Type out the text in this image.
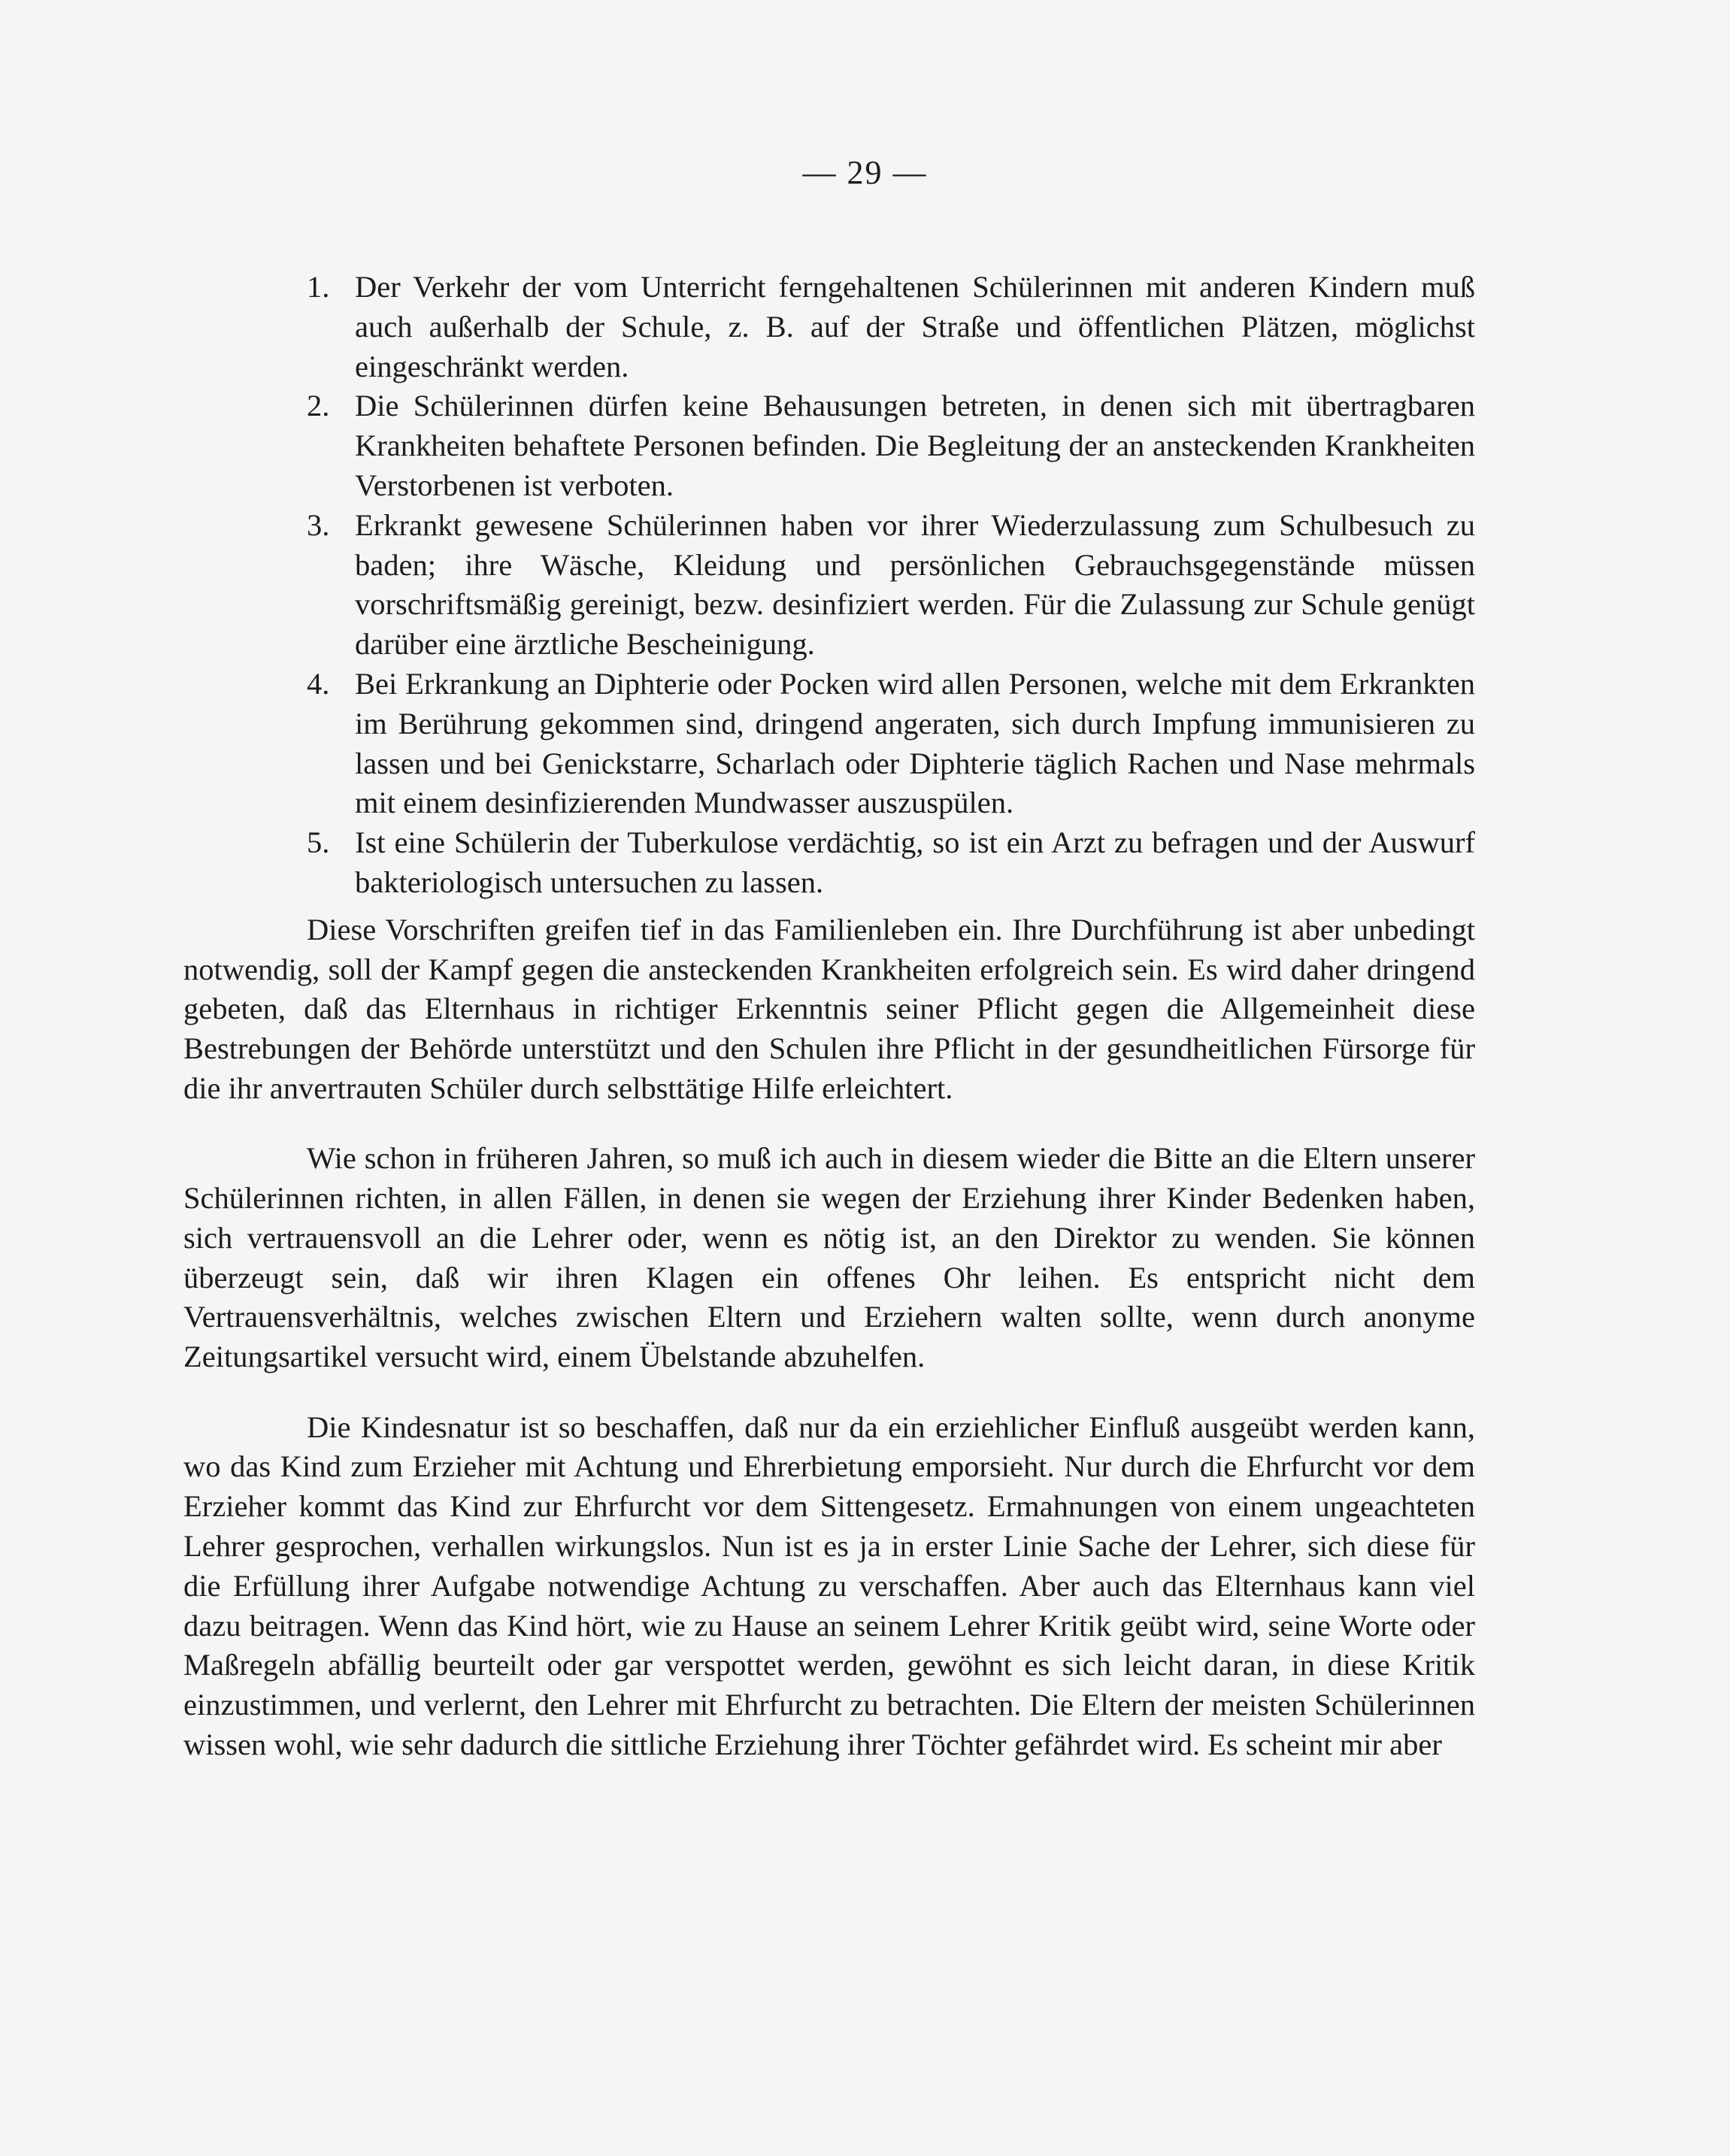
— 29 —
1. Der Verkehr der vom Unterricht ferngehaltenen Schülerinnen mit anderen Kindern muß auch außerhalb der Schule, z. B. auf der Straße und öffentlichen Plätzen, möglichst eingeschränkt werden.
2. Die Schülerinnen dürfen keine Behausungen betreten, in denen sich mit übertragbaren Krankheiten behaftete Personen befinden. Die Begleitung der an ansteckenden Krankheiten Verstorbenen ist verboten.
3. Erkrankt gewesene Schülerinnen haben vor ihrer Wiederzulassung zum Schulbesuch zu baden; ihre Wäsche, Kleidung und persönlichen Gebrauchsgegenstände müssen vorschriftsmäßig gereinigt, bezw. desinfiziert werden. Für die Zulassung zur Schule genügt darüber eine ärztliche Bescheinigung.
4. Bei Erkrankung an Diphterie oder Pocken wird allen Personen, welche mit dem Erkrankten im Berührung gekommen sind, dringend angeraten, sich durch Impfung immunisieren zu lassen und bei Genickstarre, Scharlach oder Diphterie täglich Rachen und Nase mehrmals mit einem desinfizierenden Mundwasser auszuspülen.
5. Ist eine Schülerin der Tuberkulose verdächtig, so ist ein Arzt zu befragen und der Auswurf bakteriologisch untersuchen zu lassen.

Diese Vorschriften greifen tief in das Familienleben ein. Ihre Durchführung ist aber unbedingt notwendig, soll der Kampf gegen die ansteckenden Krankheiten erfolgreich sein. Es wird daher dringend gebeten, daß das Elternhaus in richtiger Erkenntnis seiner Pflicht gegen die Allgemeinheit diese Bestrebungen der Behörde unterstützt und den Schulen ihre Pflicht in der gesundheitlichen Fürsorge für die ihr anvertrauten Schüler durch selbsttätige Hilfe erleichtert.

Wie schon in früheren Jahren, so muß ich auch in diesem wieder die Bitte an die Eltern unserer Schülerinnen richten, in allen Fällen, in denen sie wegen der Erziehung ihrer Kinder Bedenken haben, sich vertrauensvoll an die Lehrer oder, wenn es nötig ist, an den Direktor zu wenden. Sie können überzeugt sein, daß wir ihren Klagen ein offenes Ohr leihen. Es entspricht nicht dem Vertrauensverhältnis, welches zwischen Eltern und Erziehern walten sollte, wenn durch anonyme Zeitungsartikel versucht wird, einem Übelstande abzuhelfen.

Die Kindesnatur ist so beschaffen, daß nur da ein erziehlicher Einfluß ausgeübt werden kann, wo das Kind zum Erzieher mit Achtung und Ehrerbietung emporsieht. Nur durch die Ehrfurcht vor dem Erzieher kommt das Kind zur Ehrfurcht vor dem Sittengesetz. Ermahnungen von einem ungeachteten Lehrer gesprochen, verhallen wirkungslos. Nun ist es ja in erster Linie Sache der Lehrer, sich diese für die Erfüllung ihrer Aufgabe notwendige Achtung zu verschaffen. Aber auch das Elternhaus kann viel dazu beitragen. Wenn das Kind hört, wie zu Hause an seinem Lehrer Kritik geübt wird, seine Worte oder Maßregeln abfällig beurteilt oder gar verspottet werden, gewöhnt es sich leicht daran, in diese Kritik einzustimmen, und verlernt, den Lehrer mit Ehrfurcht zu betrachten. Die Eltern der meisten Schülerinnen wissen wohl, wie sehr dadurch die sittliche Erziehung ihrer Töchter gefährdet wird. Es scheint mir aber
